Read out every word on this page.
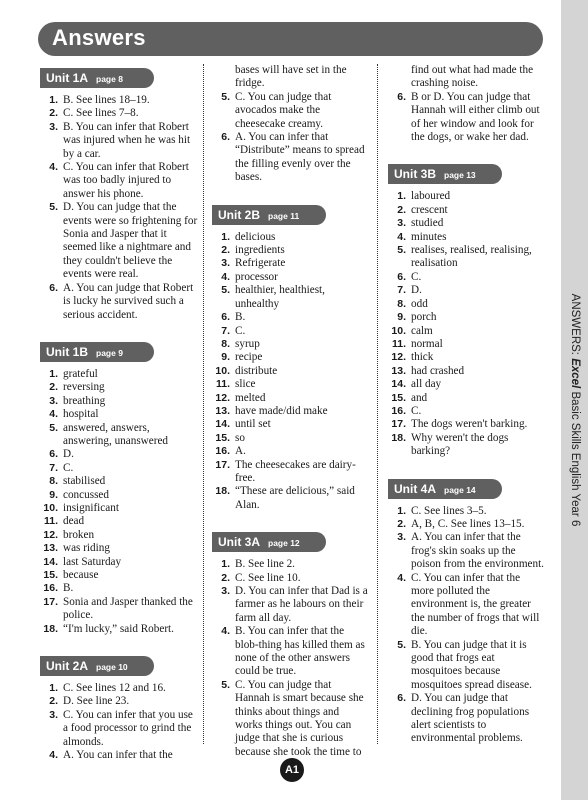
ANSWERS: Excel Basic Skills English Year 6
Answers
Unit 1A page 8
1. B. See lines 18–19.
2. C. See lines 7–8.
3. B. You can infer that Robert was injured when he was hit by a car.
4. C. You can infer that Robert was too badly injured to answer his phone.
5. D. You can judge that the events were so frightening for Sonia and Jasper that it seemed like a nightmare and they couldn't believe the events were real.
6. A. You can judge that Robert is lucky he survived such a serious accident.
Unit 1B page 9
1. grateful
2. reversing
3. breathing
4. hospital
5. answered, answers, answering, unanswered
6. D.
7. C.
8. stabilised
9. concussed
10. insignificant
11. dead
12. broken
13. was riding
14. last Saturday
15. because
16. B.
17. Sonia and Jasper thanked the police.
18. “I'm lucky,” said Robert.
Unit 2A page 10
1. C. See lines 12 and 16.
2. D. See line 23.
3. C. You can infer that you use a food processor to grind the almonds.
4. A. You can infer that the
bases will have set in the fridge.
5. C. You can judge that avocados make the cheesecake creamy.
6. A. You can infer that “Distribute” means to spread the filling evenly over the bases.
Unit 2B page 11
1. delicious
2. ingredients
3. Refrigerate
4. processor
5. healthier, healthiest, unhealthy
6. B.
7. C.
8. syrup
9. recipe
10. distribute
11. slice
12. melted
13. have made/did make
14. until set
15. so
16. A.
17. The cheesecakes are dairy-free.
18. “These are delicious,” said Alan.
Unit 3A page 12
1. B. See line 2.
2. C. See line 10.
3. D. You can infer that Dad is a farmer as he labours on their farm all day.
4. B. You can infer that the blob-thing has killed them as none of the other answers could be true.
5. C. You can judge that Hannah is smart because she thinks about things and works things out. You can judge that she is curious because she took the time to
find out what had made the crashing noise.
6. B or D. You can judge that Hannah will either climb out of her window and look for the dogs, or wake her dad.
Unit 3B page 13
1. laboured
2. crescent
3. studied
4. minutes
5. realises, realised, realising, realisation
6. C.
7. D.
8. odd
9. porch
10. calm
11. normal
12. thick
13. had crashed
14. all day
15. and
16. C.
17. The dogs weren't barking.
18. Why weren't the dogs barking?
Unit 4A page 14
1. C. See lines 3–5.
2. A, B, C. See lines 13–15.
3. A. You can infer that the frog's skin soaks up the poison from the environment.
4. C. You can infer that the more polluted the environment is, the greater the number of frogs that will die.
5. B. You can judge that it is good that frogs eat mosquitoes because mosquitoes spread disease.
6. D. You can judge that declining frog populations alert scientists to environmental problems.
A1
